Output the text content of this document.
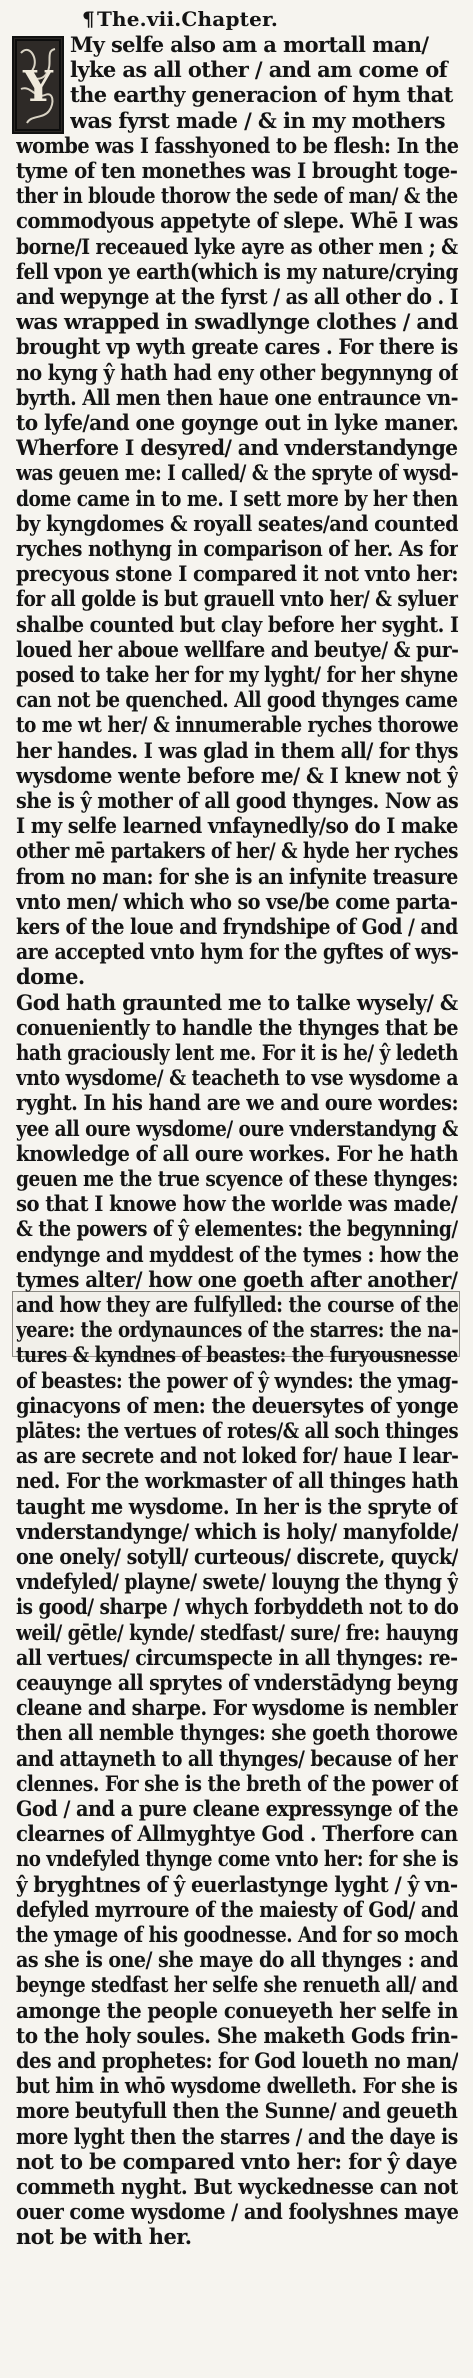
¶ The.vii.Chapter.
Y
My selfe also am a mortall man/
lyke as all other / and am come of
the earthy generacion of hym that
was fyrst made / & in my mothers
wombe was I fasshyoned to be flesh: In the
tyme of ten monethes was I brought toge-
ther in bloude thorow the sede of man/ & the
commodyous appetyte of slepe. Whē I was
borne/I receaued lyke ayre as other men ; &
fell vpon ye earth(which is my nature/crying
and wepynge at the fyrst / as all other do . I
was wrapped in swadlynge clothes / and
brought vp wyth greate cares . For there is
no kyng ŷ hath had eny other begynnyng of
byrth. All men then haue one entraunce vn-
to lyfe/and one goynge out in lyke maner.
Wherfore I desyred/ and vnderstandynge
was geuen me: I called/ & the spryte of wysd-
dome came in to me. I sett more by her then
by kyngdomes & royall seates/and counted
ryches nothyng in comparison of her. As for
precyous stone I compared it not vnto her:
for all golde is but grauell vnto her/ & syluer
shalbe counted but clay before her syght. I
loued her aboue wellfare and beutye/ & pur-
posed to take her for my lyght/ for her shyne
can not be quenched. All good thynges came
to me wt her/ & innumerable ryches thorowe
her handes. I was glad in them all/ for thys
wysdome wente before me/ & I knew not ŷ
she is ŷ mother of all good thynges. Now as
I my selfe learned vnfaynedly/so do I make
other mē partakers of her/ & hyde her ryches
from no man: for she is an infynite treasure
vnto men/ which who so vse/be come parta-
kers of the loue and fryndshipe of God / and
are accepted vnto hym for the gyftes of wys-
dome.
God hath graunted me to talke wysely/ &
conueniently to handle the thynges that be
hath graciously lent me. For it is he/ ŷ ledeth
vnto wysdome/ & teacheth to vse wysdome a
ryght. In his hand are we and oure wordes:
yee all oure wysdome/ oure vnderstandyng &
knowledge of all oure workes. For he hath
geuen me the true scyence of these thynges:
so that I knowe how the worlde was made/
& the powers of ŷ elementes: the begynning/
endynge and myddest of the tymes : how the
tymes alter/ how one goeth after another/
and how they are fulfylled: the course of the
yeare: the ordynaunces of the starres: the na-
tures & kyndnes of beastes: the furyousnesse
of beastes: the power of ŷ wyndes: the ymag-
ginacyons of men: the deuersytes of yonge
plātes: the vertues of rotes/& all soch thinges
as are secrete and not loked for/ haue I lear-
ned. For the workmaster of all thinges hath
taught me wysdome. In her is the spryte of
vnderstandynge/ which is holy/ manyfolde/
one onely/ sotyll/ curteous/ discrete, quyck/
vndefyled/ playne/ swete/ louyng the thyng ŷ
is good/ sharpe / whych forbyddeth not to do
weil/ gētle/ kynde/ stedfast/ sure/ fre: hauyng
all vertues/ circumspecte in all thynges: re-
ceauynge all sprytes of vnderstādyng beyng
cleane and sharpe. For wysdome is nembler
then all nemble thynges: she goeth thorowe
and attayneth to all thynges/ because of her
clennes. For she is the breth of the power of
God / and a pure cleane expressynge of the
clearnes of Allmyghtye God . Therfore can
no vndefyled thynge come vnto her: for she is
ŷ bryghtnes of ŷ euerlastynge lyght / ŷ vn-
defyled myrroure of the maiesty of God/ and
the ymage of his goodnesse. And for so moch
as she is one/ she maye do all thynges : and
beynge stedfast her selfe she renueth all/ and
amonge the people conueyeth her selfe in
to the holy soules. She maketh Gods frin-
des and prophetes: for God loueth no man/
but him in whō wysdome dwelleth. For she is
more beutyfull then the Sunne/ and geueth
more lyght then the starres / and the daye is
not to be compared vnto her: for ŷ daye
commeth nyght. But wyckednesse can not
ouer come wysdome / and foolyshnes maye
not be with her.
